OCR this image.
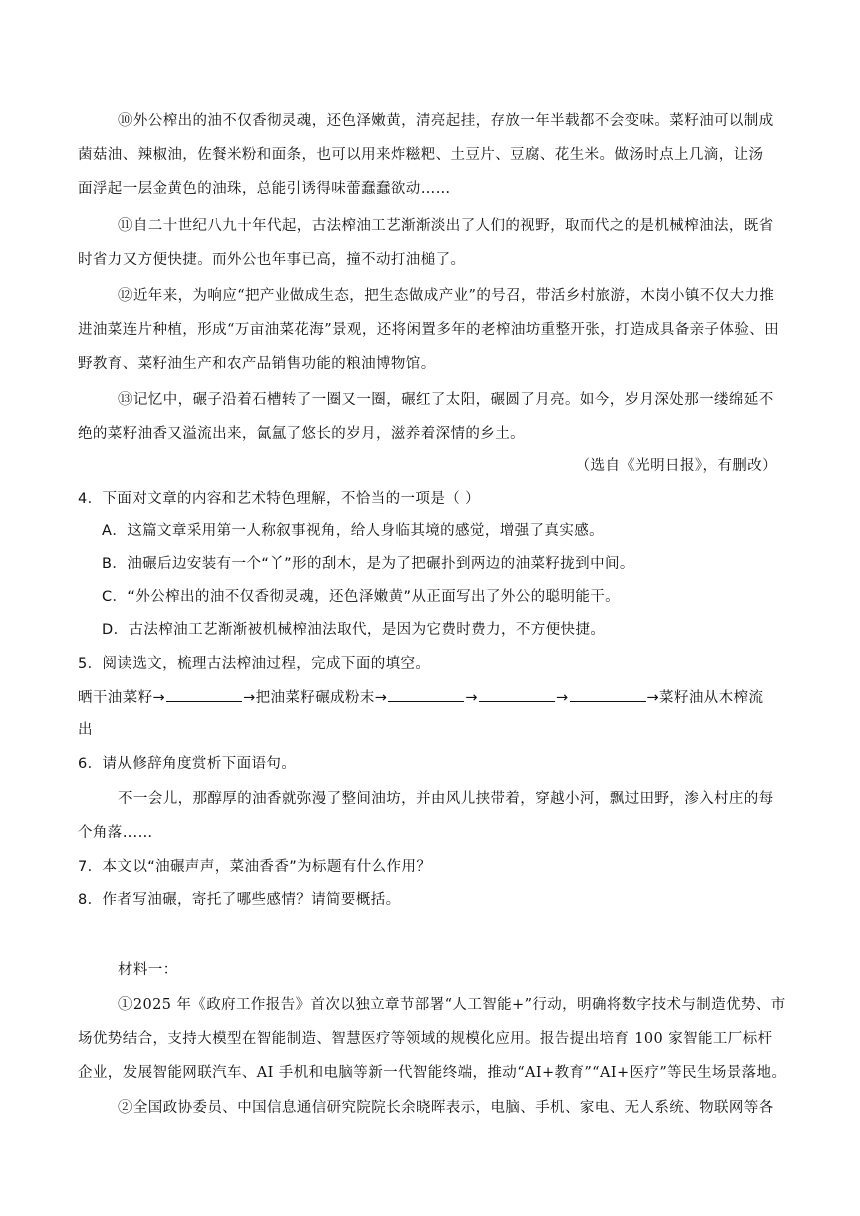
⑩外公榨出的油不仅香彻灵魂，还色泽嫩黄，清亮起挂，存放一年半载都不会变味。菜籽油可以制成

菌菇油、辣椒油，佐餐米粉和面条，也可以用来炸糍粑、土豆片、豆腐、花生米。做汤时点上几滴，让汤

面浮起一层金黄色的油珠，总能引诱得味蕾蠢蠢欲动……

⑪自二十世纪八九十年代起，古法榨油工艺渐渐淡出了人们的视野，取而代之的是机械榨油法，既省

时省力又方便快捷。而外公也年事已高，撞不动打油槌了。

⑫近年来，为响应“把产业做成生态，把生态做成产业”的号召，带活乡村旅游，木岗小镇不仅大力推

进油菜连片种植，形成“万亩油菜花海”景观，还将闲置多年的老榨油坊重整开张，打造成具备亲子体验、田

野教育、菜籽油生产和农产品销售功能的粮油博物馆。

⑬记忆中，碾子沿着石槽转了一圈又一圈，碾红了太阳，碾圆了月亮。如今，岁月深处那一缕绵延不

绝的菜籽油香又溢流出来，氤氲了悠长的岁月，滋养着深情的乡土。

（选自《光明日报》，有删改）

4．下面对文章的内容和艺术特色理解，不恰当的一项是（ ）

A．这篇文章采用第一人称叙事视角，给人身临其境的感觉，增强了真实感。

B．油碾后边安装有一个“丫”形的刮木，是为了把碾扑到两边的油菜籽拢到中间。

C．“外公榨出的油不仅香彻灵魂，还色泽嫩黄”从正面写出了外公的聪明能干。

D．古法榨油工艺渐渐被机械榨油法取代，是因为它费时费力，不方便快捷。

5．阅读选文，梳理古法榨油过程，完成下面的填空。

晒干油菜籽→	→把油菜籽碾成粉末→	→	→	→菜籽油从木榨流

出

6．请从修辞角度赏析下面语句。

不一会儿，那醇厚的油香就弥漫了整间油坊，并由风儿挟带着，穿越小河，飘过田野，渗入村庄的每

个角落……

7．本文以“油碾声声，菜油香香”为标题有什么作用？

8．作者写油碾，寄托了哪些感情？请简要概括。

材料一：

①2025 年《政府工作报告》首次以独立章节部署“人工智能+”行动，明确将数字技术与制造优势、市

场优势结合，支持大模型在智能制造、智慧医疗等领域的规模化应用。报告提出培育 100 家智能工厂标杆

企业，发展智能网联汽车、AI 手机和电脑等新一代智能终端，推动“AI+教育”“AI+医疗”等民生场景落地。

②全国政协委员、中国信息通信研究院院长余晓晖表示，电脑、手机、家电、无人系统、物联网等各
